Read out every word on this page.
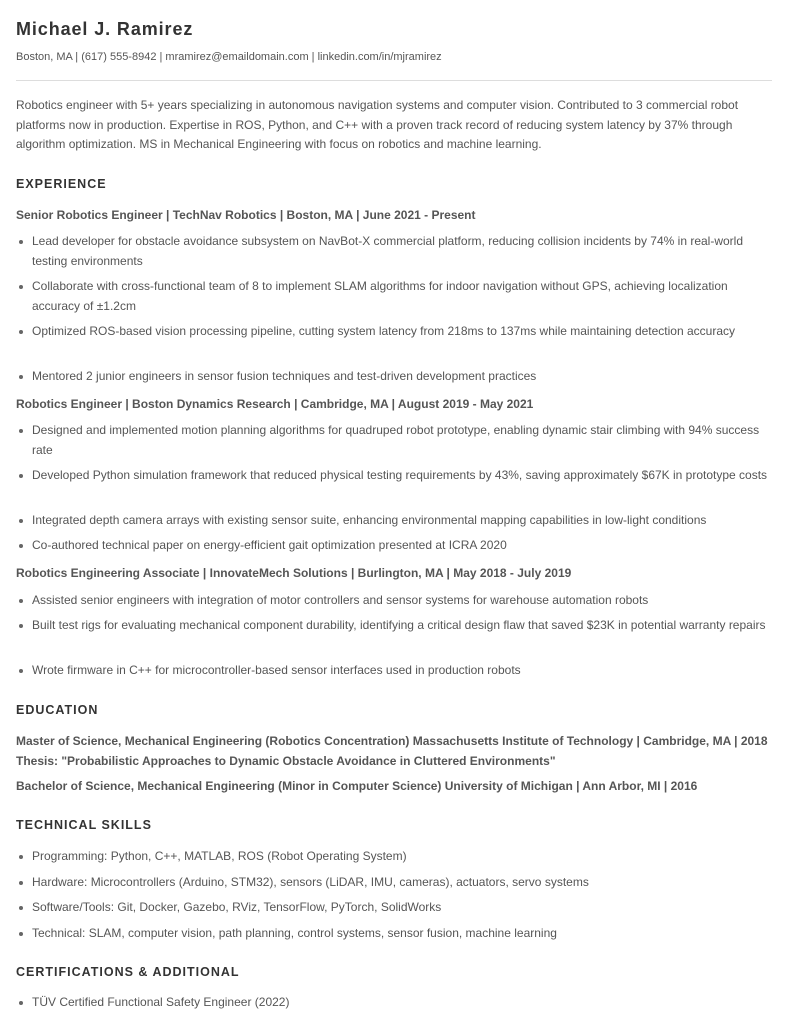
Michael J. Ramirez
Boston, MA | (617) 555-8942 | mramirez@emaildomain.com | linkedin.com/in/mjramirez
Robotics engineer with 5+ years specializing in autonomous navigation systems and computer vision. Contributed to 3 commercial robot platforms now in production. Expertise in ROS, Python, and C++ with a proven track record of reducing system latency by 37% through algorithm optimization. MS in Mechanical Engineering with focus on robotics and machine learning.
EXPERIENCE
Senior Robotics Engineer | TechNav Robotics | Boston, MA | June 2021 - Present
Lead developer for obstacle avoidance subsystem on NavBot-X commercial platform, reducing collision incidents by 74% in real-world testing environments
Collaborate with cross-functional team of 8 to implement SLAM algorithms for indoor navigation without GPS, achieving localization accuracy of ±1.2cm
Optimized ROS-based vision processing pipeline, cutting system latency from 218ms to 137ms while maintaining detection accuracy
Mentored 2 junior engineers in sensor fusion techniques and test-driven development practices
Robotics Engineer | Boston Dynamics Research | Cambridge, MA | August 2019 - May 2021
Designed and implemented motion planning algorithms for quadruped robot prototype, enabling dynamic stair climbing with 94% success rate
Developed Python simulation framework that reduced physical testing requirements by 43%, saving approximately $67K in prototype costs
Integrated depth camera arrays with existing sensor suite, enhancing environmental mapping capabilities in low-light conditions
Co-authored technical paper on energy-efficient gait optimization presented at ICRA 2020
Robotics Engineering Associate | InnovateMech Solutions | Burlington, MA | May 2018 - July 2019
Assisted senior engineers with integration of motor controllers and sensor systems for warehouse automation robots
Built test rigs for evaluating mechanical component durability, identifying a critical design flaw that saved $23K in potential warranty repairs
Wrote firmware in C++ for microcontroller-based sensor interfaces used in production robots
EDUCATION
Master of Science, Mechanical Engineering (Robotics Concentration) Massachusetts Institute of Technology | Cambridge, MA | 2018 Thesis: "Probabilistic Approaches to Dynamic Obstacle Avoidance in Cluttered Environments"
Bachelor of Science, Mechanical Engineering (Minor in Computer Science) University of Michigan | Ann Arbor, MI | 2016
TECHNICAL SKILLS
Programming: Python, C++, MATLAB, ROS (Robot Operating System)
Hardware: Microcontrollers (Arduino, STM32), sensors (LiDAR, IMU, cameras), actuators, servo systems
Software/Tools: Git, Docker, Gazebo, RViz, TensorFlow, PyTorch, SolidWorks
Technical: SLAM, computer vision, path planning, control systems, sensor fusion, machine learning
CERTIFICATIONS & ADDITIONAL
TÜV Certified Functional Safety Engineer (2022)
